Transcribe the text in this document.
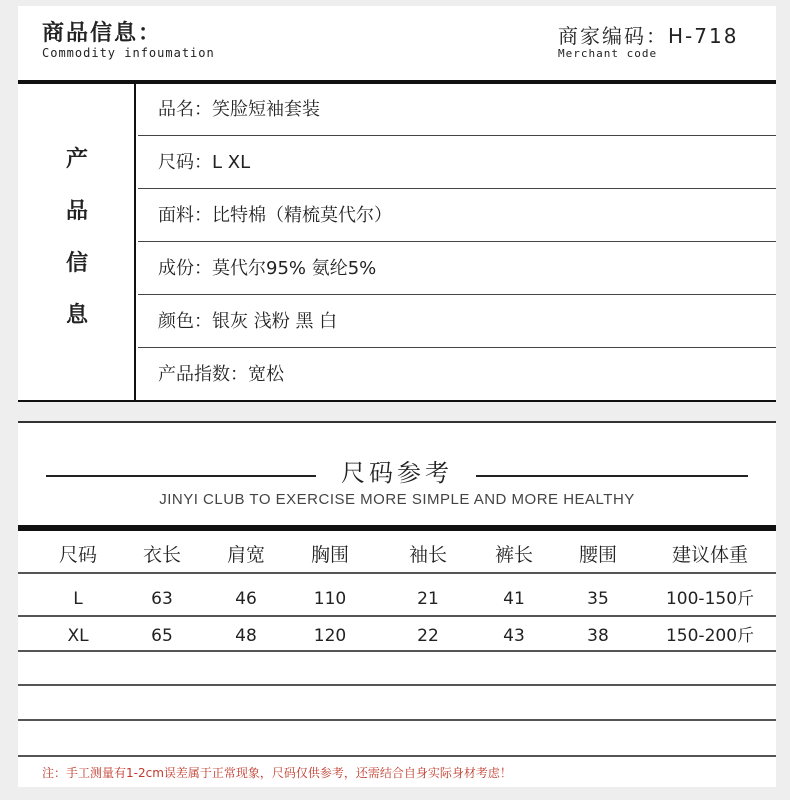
商品信息：
Commodity infoumation
商家编码：H-718
Merchant code
产
品
信
息
品名：笑脸短袖套装
尺码：L XL
面料：比特棉（精梳莫代尔）
成份：莫代尔95% 氨纶5%
颜色：银灰 浅粉 黑 白
产品指数：宽松
尺码参考
JINYI CLUB TO EXERCISE MORE SIMPLE AND MORE HEALTHY
尺码	衣长	肩宽	胸围	袖长	裤长	腰围	建议体重
L	63	46	110	21	41	35	100-150斤
XL	65	48	120	22	43	38	150-200斤
注：手工测量有1-2cm误差属于正常现象，尺码仅供参考，还需结合自身实际身材考虑！
